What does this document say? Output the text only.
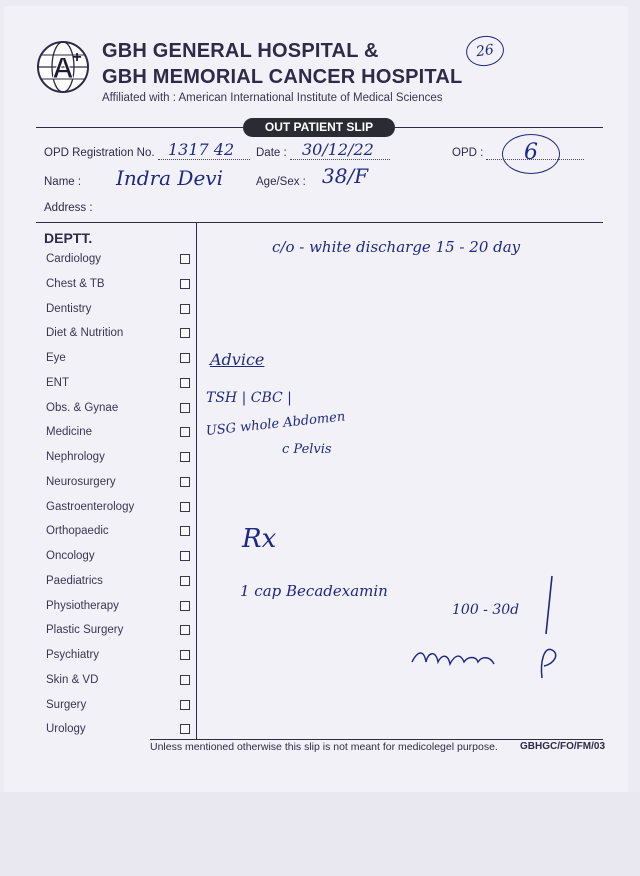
A
+ GBH GENERAL HOSPITAL &
GBH MEMORIAL CANCER HOSPITAL
Affiliated with : American International Institute of Medical Sciences
26
OUT PATIENT SLIP
OPD Registration No. 1317 42 Date : 30/12/22	OPD :	6
Name : Indra Devi	Age/Sex : 38/F
Address :
DEPTT.
Cardiology
Chest & TB
Dentistry
Diet & Nutrition
Eye
ENT
Obs. & Gynae
Medicine
Nephrology
Neurosurgery
Gastroenterology
Orthopaedic
Oncology
Paediatrics
Physiotherapy
Plastic Surgery
Psychiatry
Skin & VD
Surgery
Urology
c/o - white discharge 15 - 20 day
Advice
TSH | CBC |
USG whole Abdomen
c Pelvis
Rx
1 cap Becadexamin
100 - 30d
Unless mentioned otherwise this slip is not meant for medicolegel purpose. GBHGC/FO/FM/03
